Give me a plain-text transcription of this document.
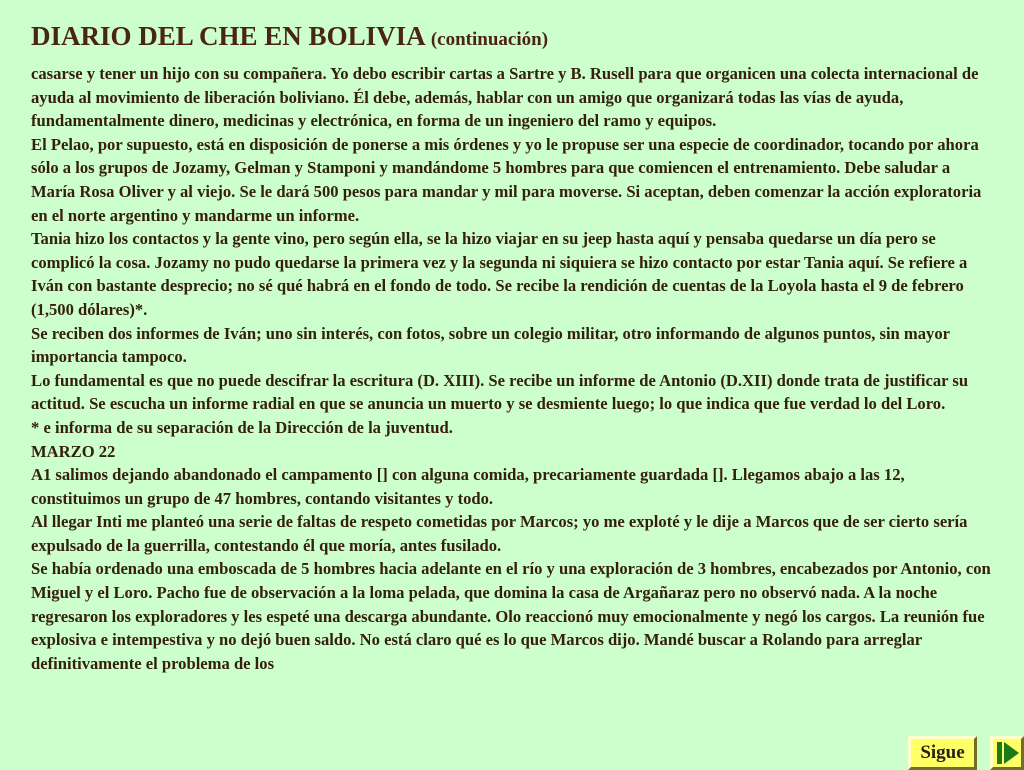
DIARIO DEL CHE EN BOLIVIA (continuación)

casarse y tener un hijo con su compañera. Yo debo escribir cartas a Sartre y B. Rusell para que organicen una colecta internacional de ayuda al movimiento de liberación boliviano. Él debe, además, hablar con un amigo que organizará todas las vías de ayuda, fundamentalmente dinero, medicinas y electrónica, en forma de un ingeniero del ramo y equipos.

El Pelao, por supuesto, está en disposición de ponerse a mis órdenes y yo le propuse ser una especie de coordinador, tocando por ahora sólo a los grupos de Jozamy, Gelman y Stamponi y mandándome 5 hombres para que comiencen el entrenamiento. Debe saludar a María Rosa Oliver y al viejo. Se le dará 500 pesos para mandar y mil para moverse. Si aceptan, deben comenzar la acción exploratoria en el norte argentino y mandarme un informe.

Tania hizo los contactos y la gente vino, pero según ella, se la hizo viajar en su jeep hasta aquí y pensaba quedarse un día pero se complicó la cosa. Jozamy no pudo quedarse la primera vez y la segunda ni siquiera se hizo contacto por estar Tania aquí. Se refiere a Iván con bastante desprecio; no sé qué habrá en el fondo de todo. Se recibe la rendición de cuentas de la Loyola hasta el 9 de febrero (1,500 dólares)*.

Se reciben dos informes de Iván; uno sin interés, con fotos, sobre un colegio militar, otro informando de algunos puntos, sin mayor importancia tampoco.

Lo fundamental es que no puede descifrar la escritura (D. XIII). Se recibe un informe de Antonio (D.XII) donde trata de justificar su actitud. Se escucha un informe radial en que se anuncia un muerto y se desmiente luego; lo que indica que fue verdad lo del Loro.

* e informa de su separación de la Dirección de la juventud.

MARZO 22

A1 salimos dejando abandonado el campamento [] con alguna comida, precariamente guardada []. Llegamos abajo a las 12, constituimos un grupo de 47 hombres, contando visitantes y todo.

Al llegar Inti me planteó una serie de faltas de respeto cometidas por Marcos; yo me exploté y le dije a Marcos que de ser cierto sería expulsado de la guerrilla, contestando él que moría, antes fusilado.

Se había ordenado una emboscada de 5 hombres hacia adelante en el río y una exploración de 3 hombres, encabezados por Antonio, con Miguel y el Loro. Pacho fue de observación a la loma pelada, que domina la casa de Argañaraz pero no observó nada. A la noche regresaron los exploradores y les espeté una descarga abundante. Olo reaccionó muy emocionalmente y negó los cargos. La reunión fue explosiva e intempestiva y no dejó buen saldo. No está claro qué es lo que Marcos dijo. Mandé buscar a Rolando para arreglar definitivamente el problema de los

Sigue
